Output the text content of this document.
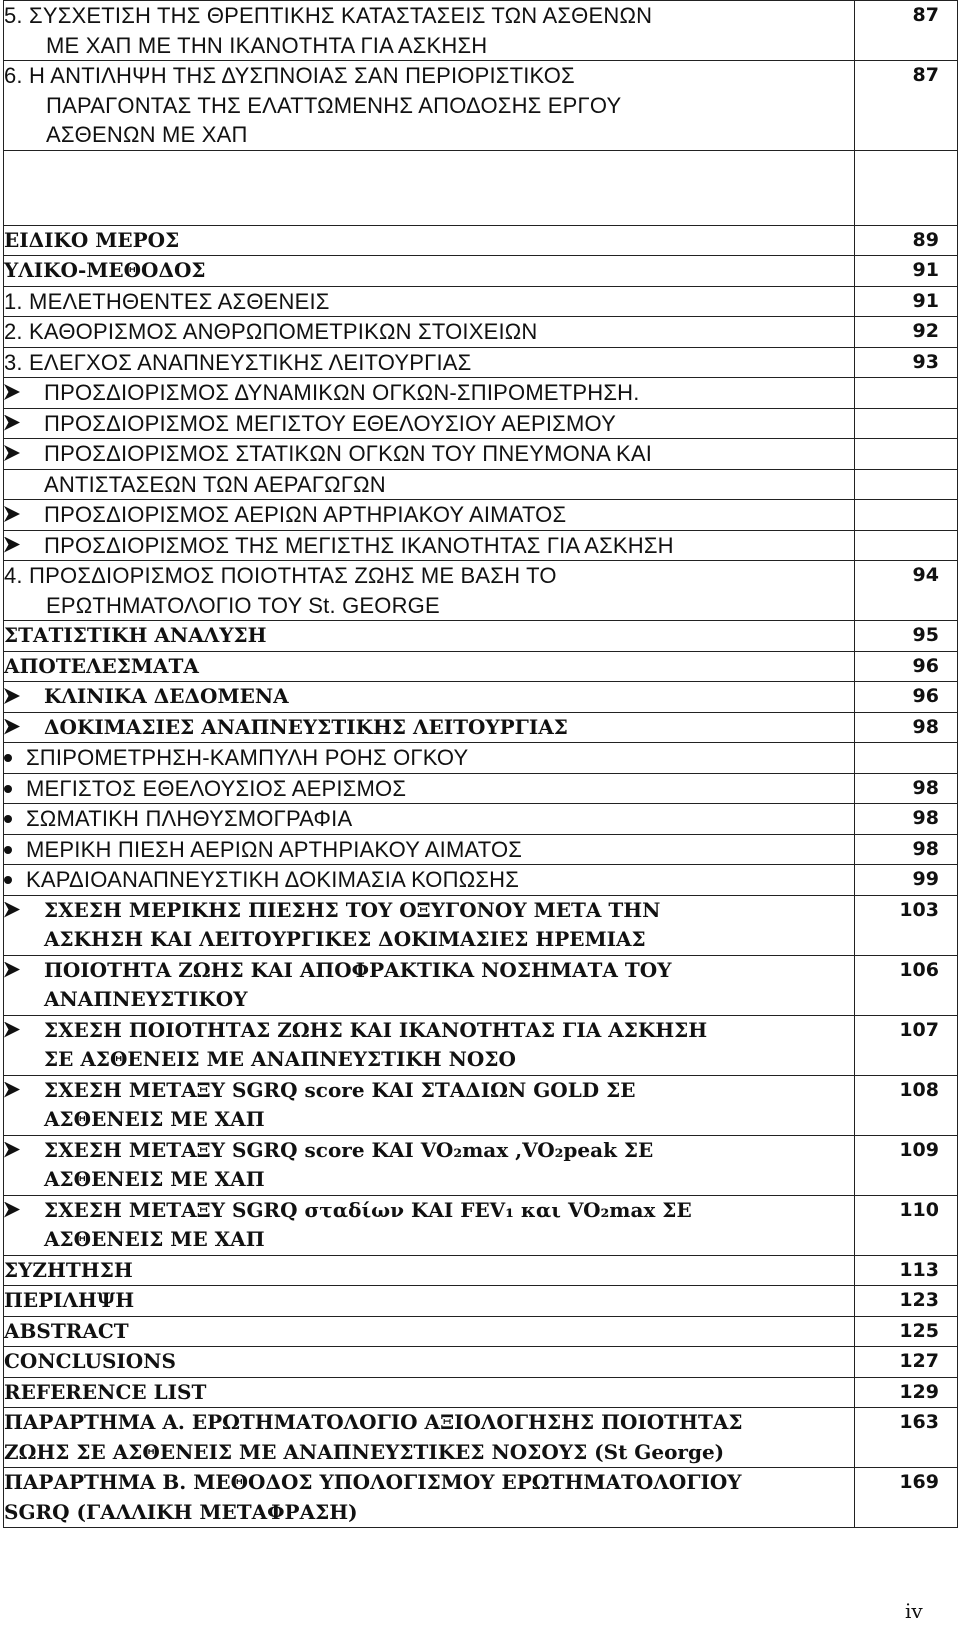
5. ΣΥΣΧΕΤΙΣΗ ΤΗΣ ΘΡΕΠΤΙΚΗΣ ΚΑΤΑΣΤΑΣΕΙΣ ΤΩΝ ΑΣΘΕΝΩΝ
ΜΕ ΧΑΠ ΜΕ ΤΗΝ ΙΚΑΝΟΤΗΤΑ ΓΙΑ ΑΣΚΗΣΗ	87

6. Η ΑΝΤΙΛΗΨΗ ΤΗΣ ΔΥΣΠΝΟΙΑΣ ΣΑΝ ΠΕΡΙΟΡΙΣΤΙΚΟΣ
ΠΑΡΑΓΟΝΤΑΣ ΤΗΣ ΕΛΑΤΤΩΜΕΝΗΣ ΑΠΟΔΟΣΗΣ ΕΡΓΟΥ
ΑΣΘΕΝΩΝ ΜΕ ΧΑΠ	87

ΕΙΔΙΚΟ ΜΕΡΟΣ	89

ΥΛΙΚΟ-ΜΕΘΟΔΟΣ	91

1. ΜΕΛΕΤΗΘΕΝΤΕΣ ΑΣΘΕΝΕΙΣ	91

2. ΚΑΘΟΡΙΣΜΟΣ ΑΝΘΡΩΠΟΜΕΤΡΙΚΩΝ ΣΤΟΙΧΕΙΩΝ	92

3. ΕΛΕΓΧΟΣ ΑΝΑΠΝΕΥΣΤΙΚΗΣ ΛΕΙΤΟΥΡΓΙΑΣ	93

ΠΡΟΣΔΙΟΡΙΣΜΟΣ ΔΥΝΑΜΙΚΩΝ ΟΓΚΩΝ-ΣΠΙΡΟΜΕΤΡΗΣΗ.	

ΠΡΟΣΔΙΟΡΙΣΜΟΣ ΜΕΓΙΣΤΟΥ ΕΘΕΛΟΥΣΙΟΥ ΑΕΡΙΣΜΟΥ	

ΠΡΟΣΔΙΟΡΙΣΜΟΣ ΣΤΑΤΙΚΩΝ ΟΓΚΩΝ ΤΟΥ ΠΝΕΥΜΟΝΑ ΚΑΙ	

ΑΝΤΙΣΤΑΣΕΩΝ ΤΩΝ ΑΕΡΑΓΩΓΩΝ	

ΠΡΟΣΔΙΟΡΙΣΜΟΣ ΑΕΡΙΩΝ ΑΡΤΗΡΙΑΚΟΥ ΑΙΜΑΤΟΣ	

ΠΡΟΣΔΙΟΡΙΣΜΟΣ ΤΗΣ ΜΕΓΙΣΤΗΣ ΙΚΑΝΟΤΗΤΑΣ ΓΙΑ ΑΣΚΗΣΗ	

4. ΠΡΟΣΔΙΟΡΙΣΜΟΣ ΠΟΙΟΤΗΤΑΣ ΖΩΗΣ ΜΕ ΒΑΣΗ ΤΟ
ΕΡΩΤΗΜΑΤΟΛΟΓΙΟ ΤΟΥ St. GEORGE	94

ΣΤΑΤΙΣΤΙΚΗ ΑΝΑΛΥΣΗ	95

ΑΠΟΤΕΛΕΣΜΑΤΑ	96

ΚΛΙΝΙΚΑ ΔΕΔΟΜΕΝΑ	96

ΔΟΚΙΜΑΣΙΕΣ ΑΝΑΠΝΕΥΣΤΙΚΗΣ ΛΕΙΤΟΥΡΓΙΑΣ	98

ΣΠΙΡΟΜΕΤΡΗΣΗ-ΚΑΜΠΥΛΗ ΡΟΗΣ ΟΓΚΟΥ	

ΜΕΓΙΣΤΟΣ ΕΘΕΛΟΥΣΙΟΣ ΑΕΡΙΣΜΟΣ	98

ΣΩΜΑΤΙΚΗ ΠΛΗΘΥΣΜΟΓΡΑΦΙΑ	98

ΜΕΡΙΚΗ ΠΙΕΣΗ ΑΕΡΙΩΝ ΑΡΤΗΡΙΑΚΟΥ ΑΙΜΑΤΟΣ	98

ΚΑΡΔΙΟΑΝΑΠΝΕΥΣΤΙΚΗ ΔΟΚΙΜΑΣΙΑ ΚΟΠΩΣΗΣ	99

ΣΧΕΣΗ ΜΕΡΙΚΗΣ ΠΙΕΣΗΣ ΤΟΥ ΟΞΥΓΟΝΟΥ ΜΕΤΑ ΤΗΝ
ΑΣΚΗΣΗ ΚΑΙ ΛΕΙΤΟΥΡΓΙΚΕΣ ΔΟΚΙΜΑΣΙΕΣ ΗΡΕΜΙΑΣ	103

ΠΟΙΟΤΗΤΑ ΖΩΗΣ ΚΑΙ ΑΠΟΦΡΑΚΤΙΚΑ ΝΟΣΗΜΑΤΑ ΤΟΥ
ΑΝΑΠΝΕΥΣΤΙΚΟΥ	106

ΣΧΕΣΗ ΠΟΙΟΤΗΤΑΣ ΖΩΗΣ ΚΑΙ ΙΚΑΝΟΤΗΤΑΣ ΓΙΑ ΑΣΚΗΣΗ
ΣΕ ΑΣΘΕΝΕΙΣ ΜΕ ΑΝΑΠΝΕΥΣΤΙΚΗ ΝΟΣΟ	107

ΣΧΕΣΗ ΜΕΤΑΞΥ SGRQ score ΚΑΙ ΣΤΑΔΙΩΝ GOLD ΣΕ
ΑΣΘΕΝΕΙΣ ΜΕ ΧΑΠ	108

ΣΧΕΣΗ ΜΕΤΑΞΥ SGRQ score ΚΑΙ VO₂max ,VO₂peak ΣΕ
ΑΣΘΕΝΕΙΣ ΜΕ ΧΑΠ	109

ΣΧΕΣΗ ΜΕΤΑΞΥ SGRQ σταδίων ΚΑΙ FEV₁ και VO₂max ΣΕ
ΑΣΘΕΝΕΙΣ ΜΕ ΧΑΠ	110

ΣΥΖΗΤΗΣΗ	113

ΠΕΡΙΛΗΨΗ	123

ABSTRACT	125

CONCLUSIONS	127

REFERENCE LIST	129

ΠΑΡΑΡΤΗΜΑ Α. ΕΡΩΤΗΜΑΤΟΛΟΓΙΟ ΑΞΙΟΛΟΓΗΣΗΣ ΠΟΙΟΤΗΤΑΣ
ΖΩΗΣ ΣΕ ΑΣΘΕΝΕΙΣ ΜΕ ΑΝΑΠΝΕΥΣΤΙΚΕΣ ΝΟΣΟΥΣ (St George)	163

ΠΑΡΑΡΤΗΜΑ Β. ΜΕΘΟΔΟΣ ΥΠΟΛΟΓΙΣΜΟΥ ΕΡΩΤΗΜΑΤΟΛΟΓΙΟΥ
SGRQ (ΓΑΛΛΙΚΗ ΜΕΤΑΦΡΑΣΗ)	169
iv
